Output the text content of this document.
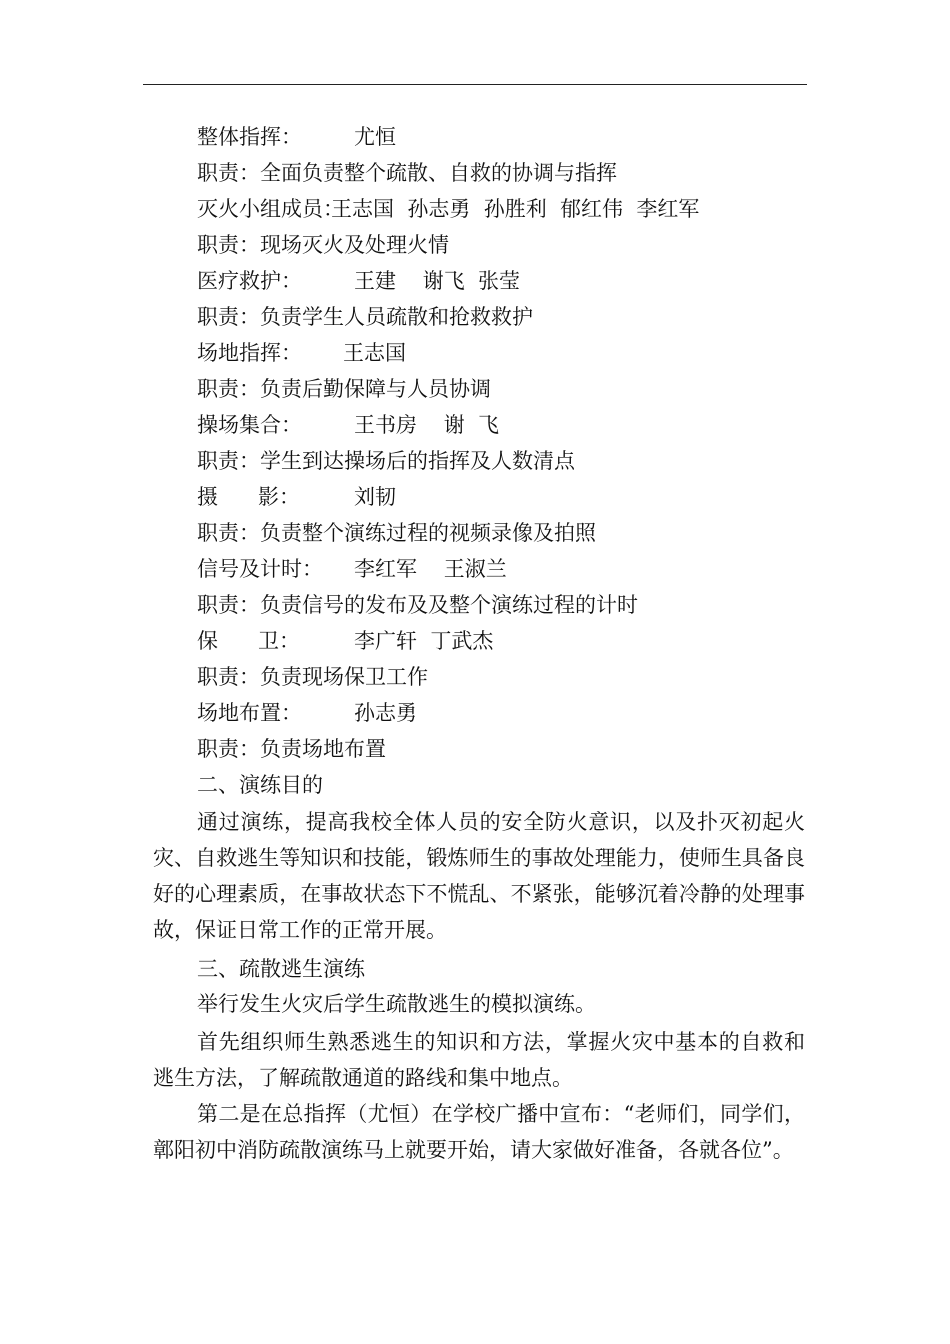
整体指挥： 尤恒
职责：全面负责整个疏散、自救的协调与指挥
灭火小组成员：
王志国  孙志勇  孙胜利  郁红伟  李红军
职责：现场灭火及处理火情
医疗救护： 王建    谢飞  张莹
职责：负责学生人员疏散和抢救救护
场地指挥： 王志国
职责：负责后勤保障与人员协调
操场集合： 王书房    谢  飞
职责：学生到达操场后的指挥及人数清点
摄      影：	刘韧
职责：负责整个演练过程的视频录像及拍照
信号及计时： 李红军    王淑兰
职责：负责信号的发布及及整个演练过程的计时
保      卫：	李广轩  丁武杰
职责：负责现场保卫工作
场地布置： 孙志勇
职责：负责场地布置
二、演练目的
通过演练，提高我校全体人员的安全防火意识，以及扑灭初起火灾、自救逃生等知识和技能，锻炼师生的事故处理能力，使师生具备良好的心理素质，在事故状态下不慌乱、不紧张，能够沉着冷静的处理事故，保证日常工作的正常开展。
三、疏散逃生演练
举行发生火灾后学生疏散逃生的模拟演练。
首先组织师生熟悉逃生的知识和方法，掌握火灾中基本的自救和逃生方法，了解疏散通道的路线和集中地点。
第二是在总指挥（尤恒）在学校广播中宣布：“老师们，同学们，鄣阳初中消防疏散演练马上就要开始，请大家做好准备，各就各位”。
